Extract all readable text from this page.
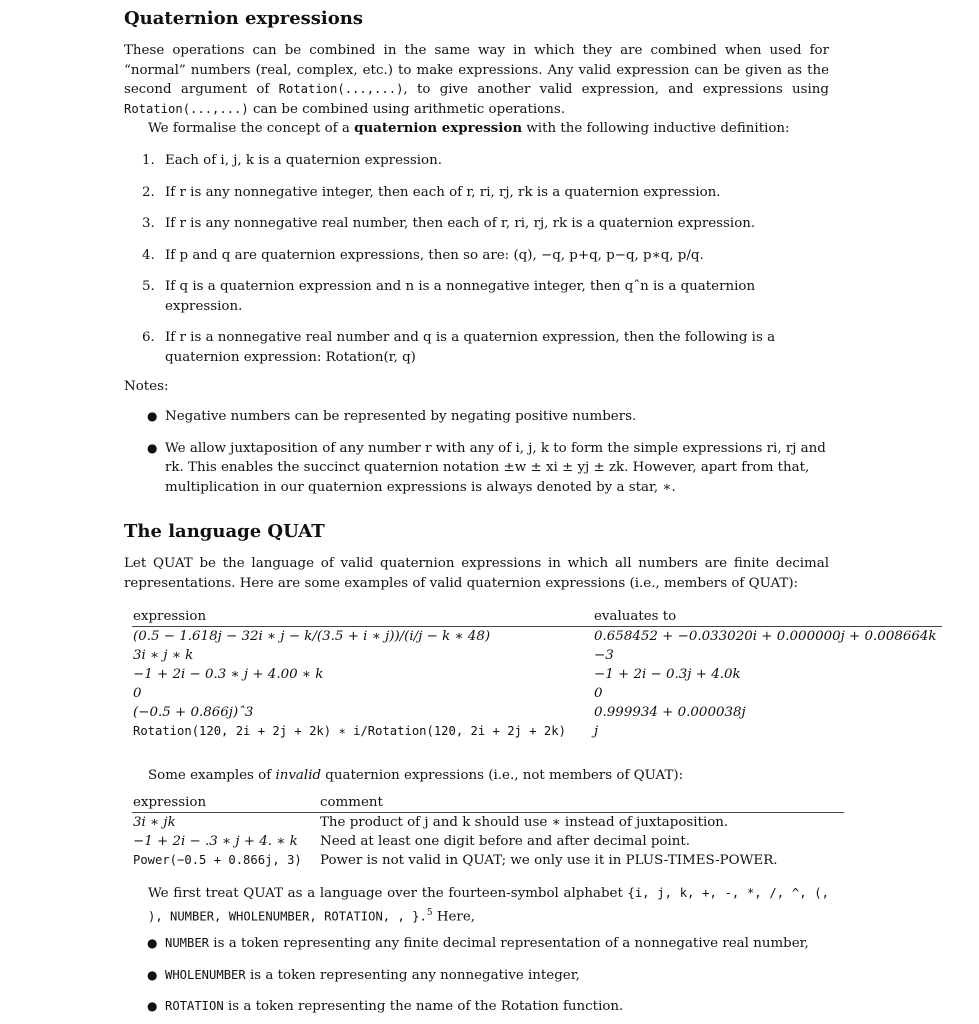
Quaternion expressions

These operations can be combined in the same way in which they are combined when used for “normal” numbers (real, complex, etc.) to make expressions. Any valid expression can be given as the second argument of Rotation(...,...), to give another valid expression, and expressions using Rotation(...,...) can be combined using arithmetic operations.

We formalise the concept of a quaternion expression with the following inductive definition:

1. Each of i, j, k is a quaternion expression.
2. If r is any nonnegative integer, then each of r, ri, rj, rk is a quaternion expression.
3. If r is any nonnegative real number, then each of r, ri, rj, rk is a quaternion expression.
4. If p and q are quaternion expressions, then so are: (q), −q, p+q, p−q, p∗q, p/q.
5. If q is a quaternion expression and n is a nonnegative integer, then qˆn is a quaternion expression.
6. If r is a nonnegative real number and q is a quaternion expression, then the following is a quaternion expression: Rotation(r, q)

Notes:

● Negative numbers can be represented by negating positive numbers.
● We allow juxtaposition of any number r with any of i, j, k to form the simple expressions ri, rj and rk. This enables the succinct quaternion notation ±w ± xi ± yj ± zk. However, apart from that, multiplication in our quaternion expressions is always denoted by a star, ∗.
The language QUAT

Let QUAT be the language of valid quaternion expressions in which all numbers are finite decimal representations. Here are some examples of valid quaternion expressions (i.e., members of QUAT):

expression	evaluates to
(0.5 − 1.618j − 32i ∗ j − k/(3.5 + i ∗ j))/(i/j − k ∗ 48)	0.658452 + −0.033020i + 0.000000j + 0.008664k
3i ∗ j ∗ k	−3
−1 + 2i − 0.3 ∗ j + 4.00 ∗ k	−1 + 2i − 0.3j + 4.0k
0	0
(−0.5 + 0.866j)ˆ3	0.999934 + 0.000038j
Rotation(120, 2i + 2j + 2k) ∗ i/Rotation(120, 2i + 2j + 2k)	j

Some examples of invalid quaternion expressions (i.e., not members of QUAT):

expression	comment
3i ∗ jk	The product of j and k should use ∗ instead of juxtaposition.
−1 + 2i − .3 ∗ j + 4. ∗ k	Need at least one digit before and after decimal point.
Power(−0.5 + 0.866j, 3)	Power is not valid in QUAT; we only use it in PLUS-TIMES-POWER.

We first treat QUAT as a language over the fourteen-symbol alphabet {i, j, k, +, -, *, /, ^, (, ), NUMBER, WHOLENUMBER, ROTATION, , }.$^5$ Here,

● NUMBER is a token representing any finite decimal representation of a nonnegative real number,
● WHOLENUMBER is a token representing any nonnegative integer,
● ROTATION is a token representing the name of the Rotation function.
